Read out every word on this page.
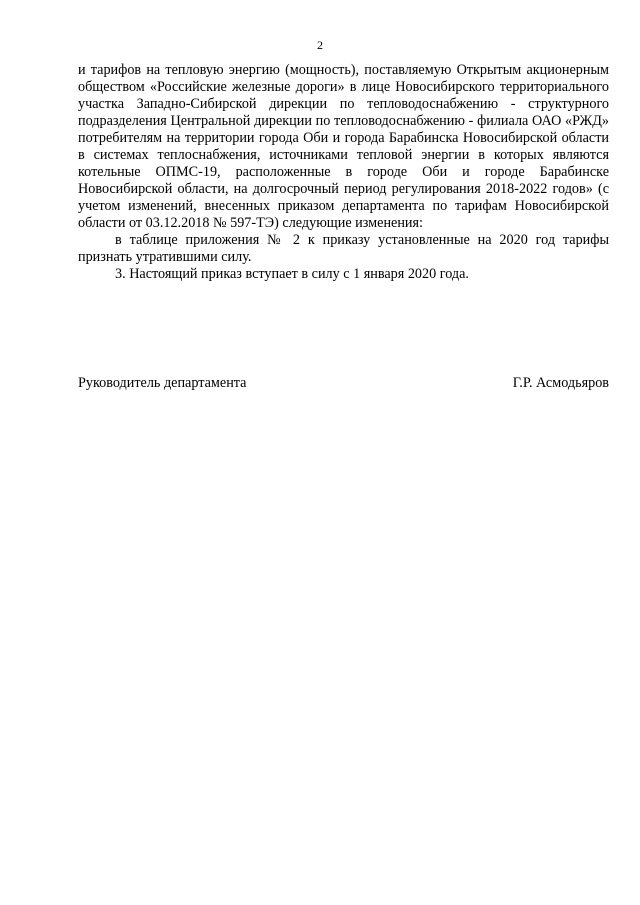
2

и тарифов на тепловую энергию (мощность), поставляемую Открытым акционерным обществом «Российские железные дороги» в лице Новосибирского территориального участка Западно-Сибирской дирекции по тепловодоснабжению - структурного подразделения Центральной дирекции по тепловодоснабжению - филиала ОАО «РЖД» потребителям на территории города Оби и города Барабинска Новосибирской области в системах теплоснабжения, источниками тепловой энергии в которых являются котельные ОПМС-19, расположенные в городе Оби и городе Барабинске Новосибирской области, на долгосрочный период регулирования 2018-2022 годов» (с учетом изменений, внесенных приказом департамента по тарифам Новосибирской области от 03.12.2018 № 597-ТЭ) следующие изменения:

в таблице приложения № 2 к приказу установленные на 2020 год тарифы признать утратившими силу.

3. Настоящий приказ вступает в силу с 1 января 2020 года.

Руководитель департамента	Г.Р. Асмодьяров
